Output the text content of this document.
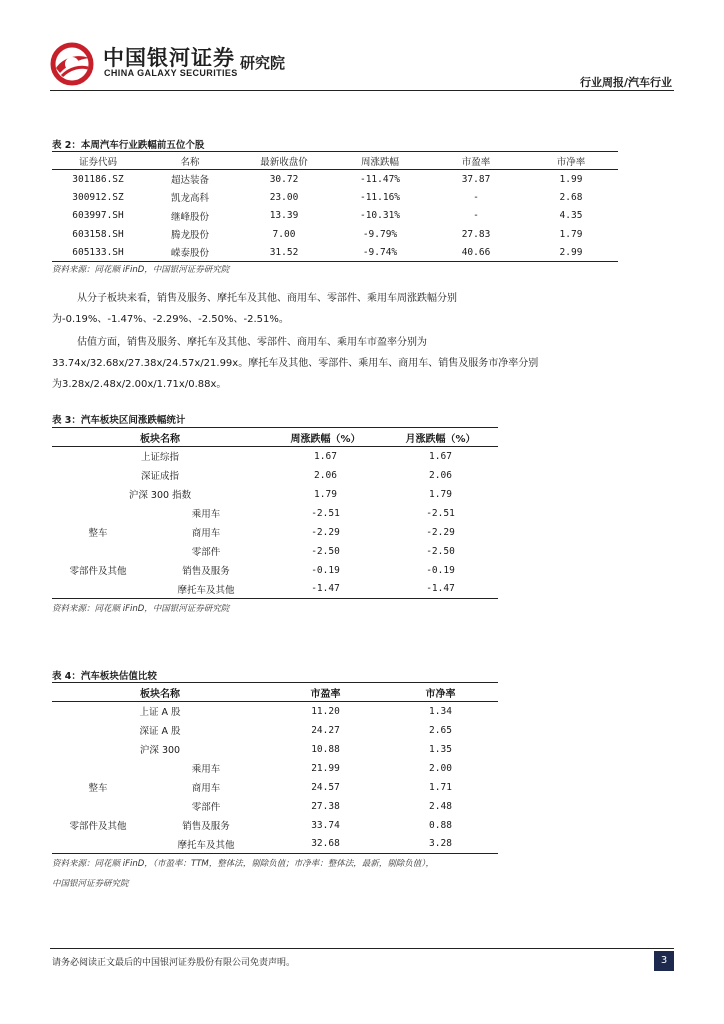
中国银河证券 研究院
CHINA GALAXY SECURITIES
行业周报/汽车行业
表 2：本周汽车行业跌幅前五位个股
证券代码	名称	最新收盘价	周涨跌幅	市盈率	市净率
301186.SZ	超达装备	30.72	-11.47%	37.87	1.99
300912.SZ	凯龙高科	23.00	-11.16%	-	2.68
603997.SH	继峰股份	13.39	-10.31%	-	4.35
603158.SH	腾龙股份	7.00	-9.79%	27.83	1.79
605133.SH	嵘泰股份	31.52	-9.74%	40.66	2.99
资料来源：同花顺 iFinD，中国银河证券研究院

从分子板块来看，销售及服务、摩托车及其他、商用车、零部件、乘用车周涨跌幅分别为-0.19%、-1.47%、-2.29%、-2.50%、-2.51%。

估值方面，销售及服务、摩托车及其他、零部件、商用车、乘用车市盈率分别为33.74x/32.68x/27.38x/24.57x/21.99x。摩托车及其他、零部件、乘用车、商用车、销售及服务市净率分别为3.28x/2.48x/2.00x/1.71x/0.88x。

表 3：汽车板块区间涨跌幅统计
板块名称		周涨跌幅（%）	月涨跌幅（%）
上证综指		1.67	1.67
深证成指		2.06	2.06
沪深 300 指数		1.79	1.79
	乘用车	-2.51	-2.51
整车	商用车	-2.29	-2.29
	零部件	-2.50	-2.50
零部件及其他	销售及服务	-0.19	-0.19
	摩托车及其他	-1.47	-1.47
资料来源：同花顺 iFinD，中国银河证券研究院
表 4：汽车板块估值比较
板块名称		市盈率	市净率
上证 A 股		11.20	1.34
深证 A 股		24.27	2.65
沪深 300		10.88	1.35
	乘用车	21.99	2.00
整车	商用车	24.57	1.71
	零部件	27.38	2.48
零部件及其他	销售及服务	33.74	0.88
	摩托车及其他	32.68	3.28
资料来源：同花顺 iFinD，（市盈率：TTM，整体法，剔除负值；市净率：整体法，最新，剔除负值），
中国银河证券研究院
请务必阅读正文最后的中国银河证券股份有限公司免责声明。	3
